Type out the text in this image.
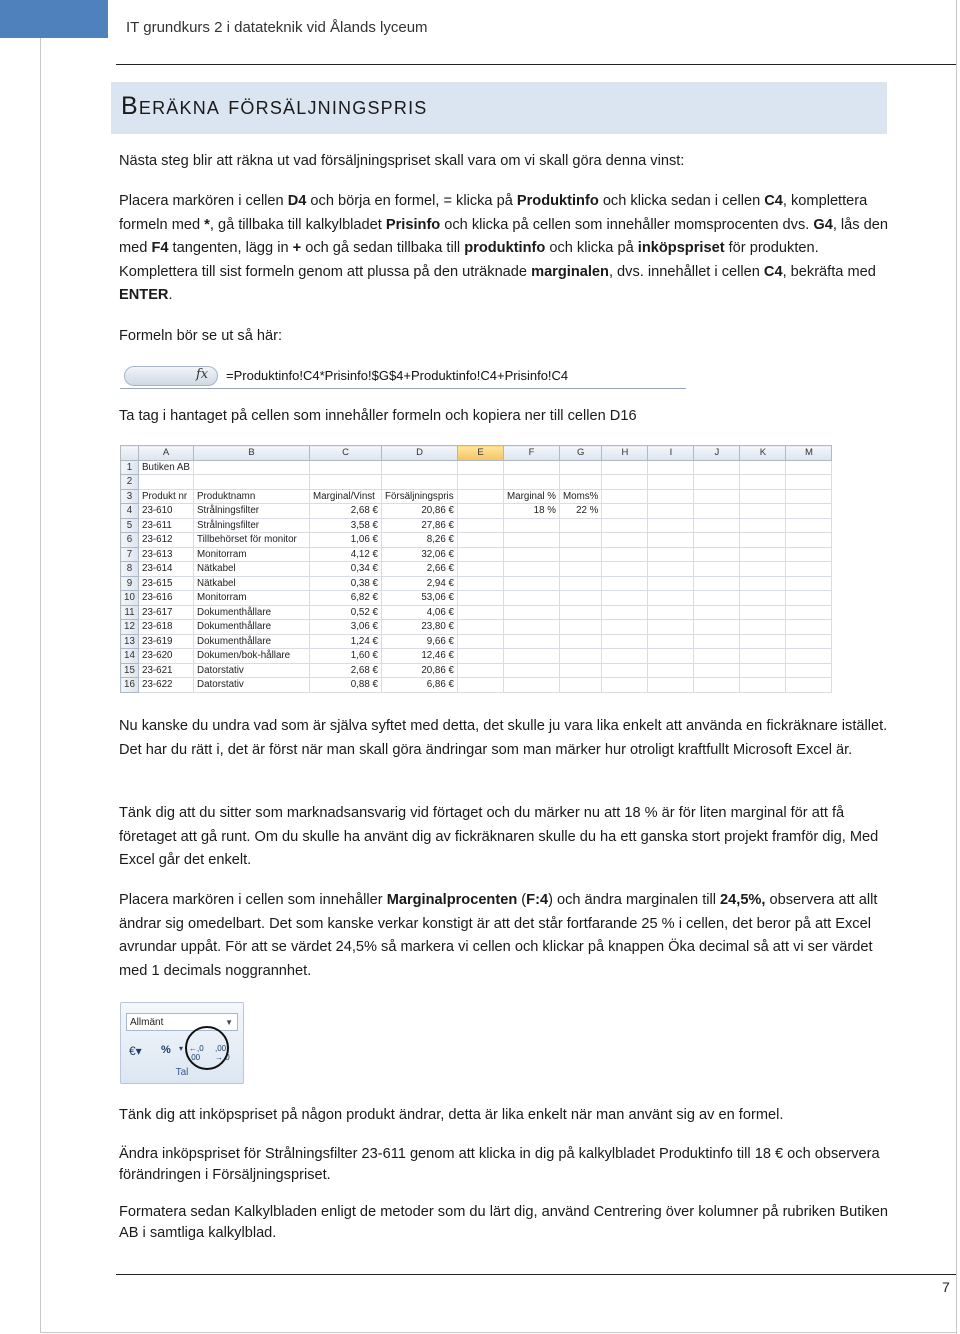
IT grundkurs 2 i datateknik vid Ålands lyceum
Beräkna försäljningspris
Nästa steg blir att räkna ut vad försäljningspriset skall vara om vi skall göra denna vinst:
Placera markören i cellen D4 och börja en formel, = klicka på Produktinfo och klicka sedan i cellen C4, komplettera formeln med *, gå tillbaka till kalkylbladet Prisinfo och klicka på cellen som innehåller momsprocenten dvs. G4, lås den med F4 tangenten, lägg in + och gå sedan tillbaka till produktinfo och klicka på inköpspriset för produkten. Komplettera till sist formeln genom att plussa på den uträknade marginalen, dvs. innehållet i cellen C4, bekräfta med ENTER.
Formeln bör se ut så här:
fx =Produktinfo!C4*Prisinfo!$G$4+Produktinfo!C4+Prisinfo!C4
Ta tag i hantaget på cellen som innehåller formeln och kopiera ner till cellen D16
	A	B	C	D	E	F	G	H	I	J	K	M
1	Butiken AB											
2												
3	Produkt nr	Produktnamn	Marginal/Vinst	Försäljningspris		Marginal %	Moms%					
4	23-610	Strålningsfilter	2,68 €	20,86 €		18 %	22 %					
5	23-611	Strålningsfilter	3,58 €	27,86 €								
6	23-612	Tillbehörset för monitor	1,06 €	8,26 €								
7	23-613	Monitorram	4,12 €	32,06 €								
8	23-614	Nätkabel	0,34 €	2,66 €								
9	23-615	Nätkabel	0,38 €	2,94 €								
10	23-616	Monitorram	6,82 €	53,06 €								
11	23-617	Dokumenthållare	0,52 €	4,06 €								
12	23-618	Dokumenthållare	3,06 €	23,80 €								
13	23-619	Dokumenthållare	1,24 €	9,66 €								
14	23-620	Dokumen/bok-hållare	1,60 €	12,46 €								
15	23-621	Datorstativ	2,68 €	20,86 €								
16	23-622	Datorstativ	0,88 €	6,86 €								
Nu kanske du undra vad som är själva syftet med detta, det skulle ju vara lika enkelt att använda en fickräknare istället. Det har du rätt i, det är först när man skall göra ändringar som man märker hur otroligt kraftfullt Microsoft Excel är.
Tänk dig att du sitter som marknadsansvarig vid förtaget och du märker nu att 18 % är för liten marginal för att få företaget att gå runt. Om du skulle ha använt dig av fickräknaren skulle du ha ett ganska stort projekt framför dig, Med Excel går det enkelt.
Placera markören i cellen som innehåller Marginalprocenten (F:4) och ändra marginalen till 24,5%, observera att allt ändrar sig omedelbart. Det som kanske verkar konstigt är att det står fortfarande 25 % i cellen, det beror på att Excel avrundar uppåt. För att se värdet 24,5% så markera vi cellen och klickar på knappen Öka decimal så att vi ser värdet med 1 decimals noggrannhet.
Allmänt	▼
€▾ % ▾ ←,0 ,00
,00 →,0
Tal
Tänk dig att inköpspriset på någon produkt ändrar, detta är lika enkelt när man använt sig av en formel.
Ändra inköpspriset för Strålningsfilter 23-611 genom att klicka in dig på kalkylbladet Produktinfo till 18 € och observera förändringen i Försäljningspriset.
Formatera sedan Kalkylbladen enligt de metoder som du lärt dig, använd Centrering över kolumner på rubriken Butiken AB i samtliga kalkylblad.
7
